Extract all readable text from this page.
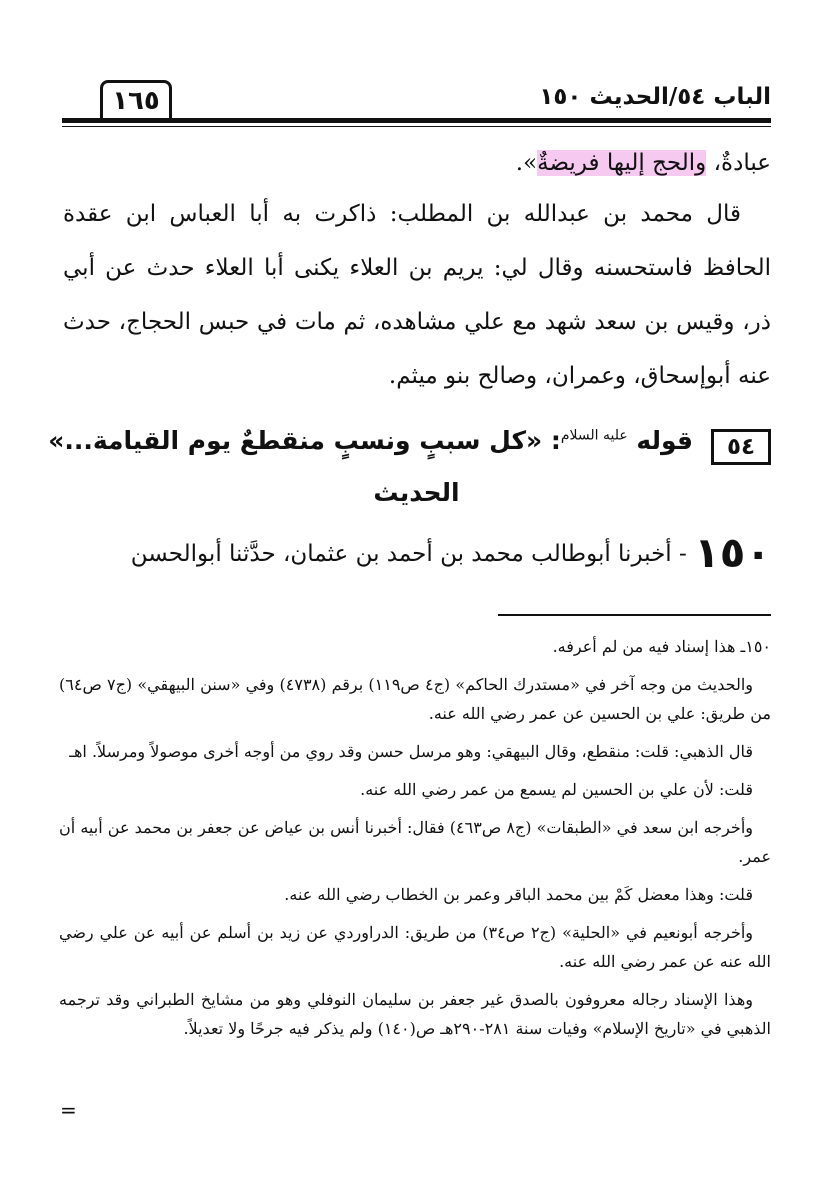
الباب ٥٤/الحديث ١٥٠
١٦٥
عبادةٌ، والحج إليها فريضةٌ».
قال محمد بن عبدالله بن المطلب: ذاكرت به أبا العباس ابن عقدة الحافظ فاستحسنه وقال لي: يريم بن العلاء يكنى أبا العلاء حدث عن أبي ذر، وقيس بن سعد شهد مع علي مشاهده، ثم مات في حبس الحجاج، حدث عنه أبوإسحاق، وعمران، وصالح بنو ميثم.
٥٤
قوله $^{عليه السلام}$: «كل سببٍ ونسبٍ منقطعٌ يوم القيامة...»
الحديث
١٥٠ - أخبرنا أبوطالب محمد بن أحمد بن عثمان، حدَّثنا أبوالحسن

١٥٠ـ هذا إسناد فيه من لم أعرفه.

والحديث من وجه آخر في «مستدرك الحاكم» (ج٤ ص١١٩) برقم (٤٧٣٨) وفي «سنن البيهقي» (ج٧ ص٦٤) من طريق: علي بن الحسين عن عمر رضي الله عنه.

قال الذهبي: قلت: منقطع، وقال البيهقي: وهو مرسل حسن وقد روي من أوجه أخرى موصولاً ومرسلاً. اهـ

قلت: لأن علي بن الحسين لم يسمع من عمر رضي الله عنه.

وأخرجه ابن سعد في «الطبقات» (ج٨ ص٤٦٣) فقال: أخبرنا أنس بن عياض عن جعفر بن محمد عن أبيه أن عمر.

قلت: وهذا معضل كَمْ بين محمد الباقر وعمر بن الخطاب رضي الله عنه.

وأخرجه أبونعيم في «الحلية» (ج٢ ص٣٤) من طريق: الدراوردي عن زيد بن أسلم عن أبيه عن علي رضي الله عنه عن عمر رضي الله عنه.

وهذا الإسناد رجاله معروفون بالصدق غير جعفر بن سليمان النوفلي وهو من مشايخ الطبراني وقد ترجمه الذهبي في «تاريخ الإسلام» وفيات سنة ٢٨١-٢٩٠هـ ص(١٤٠) ولم يذكر فيه جرحًا ولا تعديلاً.

=
